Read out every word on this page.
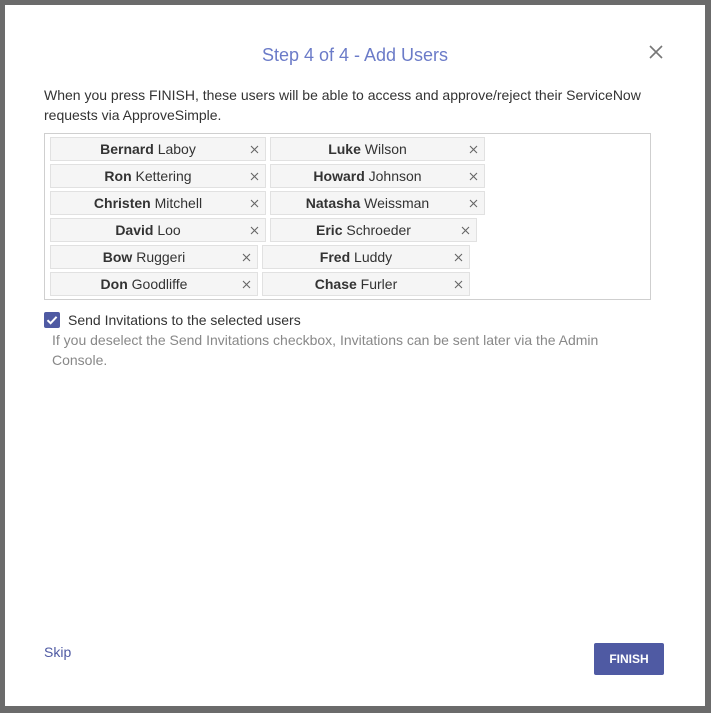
Step 4 of 4 - Add Users
When you press FINISH, these users will be able to access and approve/reject their ServiceNow requests via ApproveSimple.
Bernard Laboy	Luke Wilson
Ron Kettering	Howard Johnson
Christen Mitchell	Natasha Weissman
David Loo	Eric Schroeder
Bow Ruggeri	Fred Luddy
Don Goodliffe	Chase Furler
Send Invitations to the selected users
If you deselect the Send Invitations checkbox, Invitations can be sent later via the Admin Console.
Skip	FINISH
